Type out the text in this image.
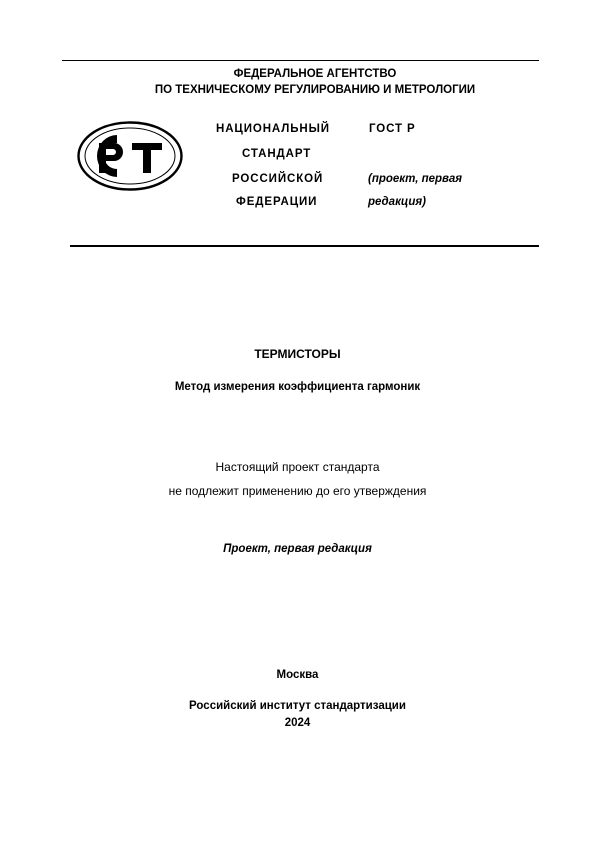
ФЕДЕРАЛЬНОЕ АГЕНТСТВО
ПО ТЕХНИЧЕСКОМУ РЕГУЛИРОВАНИЮ И МЕТРОЛОГИИ
НАЦИОНАЛЬНЫЙ
СТАНДАРТ
РОССИЙСКОЙ
ФЕДЕРАЦИИ
ГОСТ Р
(проект, первая
редакция)
ТЕРМИСТОРЫ
Метод измерения коэффициента гармоник
Настоящий проект стандарта
не подлежит применению до его утверждения
Проект, первая редакция
Москва
Российский институт стандартизации
2024
